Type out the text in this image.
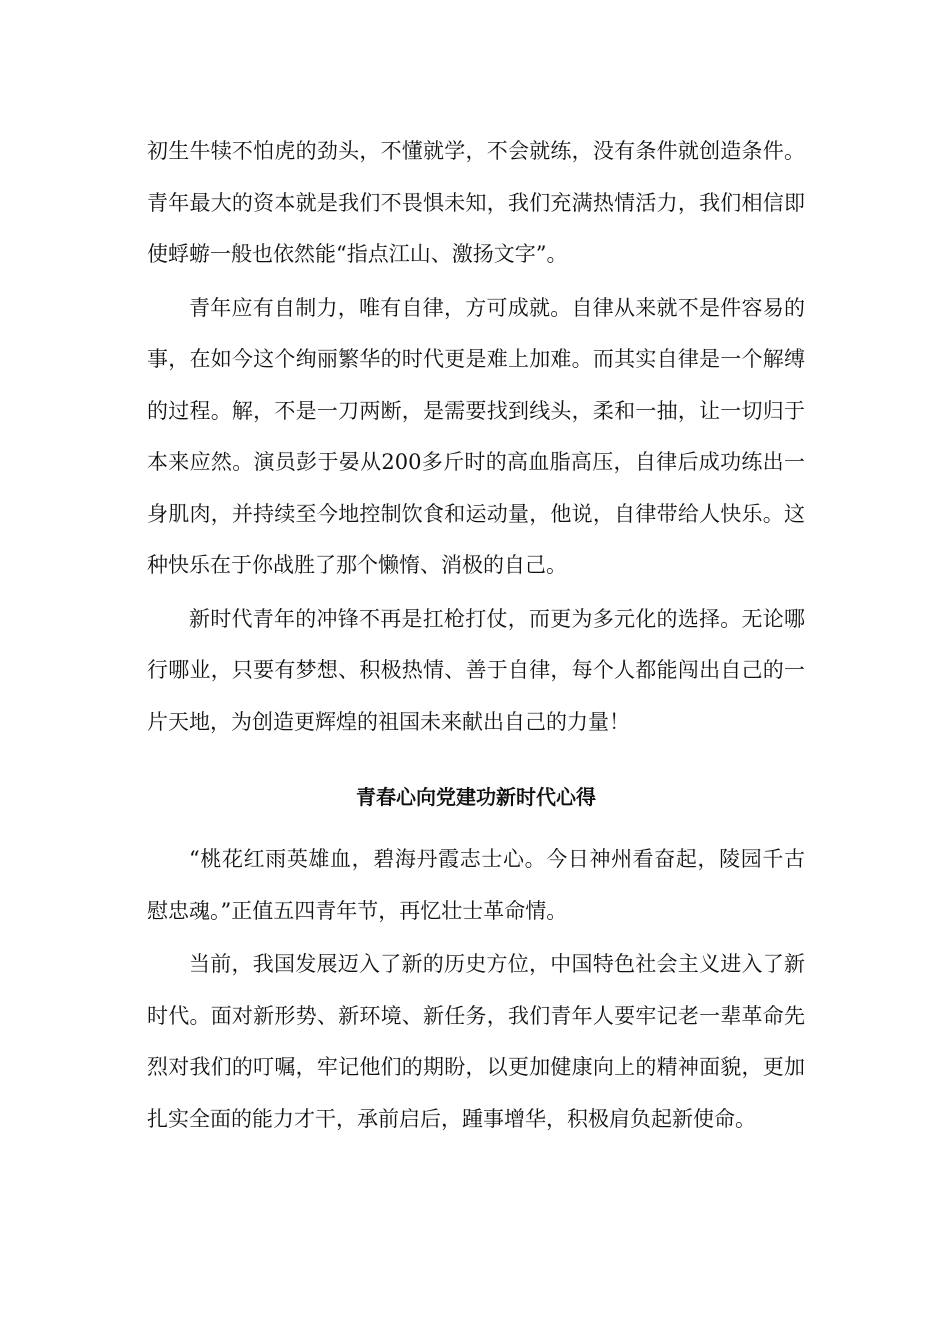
初生牛犊不怕虎的劲头，不懂就学，不会就练，没有条件就创造条件。青年最大的资本就是我们不畏惧未知，我们充满热情活力，我们相信即使蜉蝣一般也依然能“指点江山、激扬文字”。

青年应有自制力，唯有自律，方可成就。自律从来就不是件容易的事，在如今这个绚丽繁华的时代更是难上加难。而其实自律是一个解缚的过程。解，不是一刀两断，是需要找到线头，柔和一抽，让一切归于本来应然。演员彭于晏从200多斤时的高血脂高压，自律后成功练出一身肌肉，并持续至今地控制饮食和运动量，他说，自律带给人快乐。这种快乐在于你战胜了那个懒惰、消极的自己。

新时代青年的冲锋不再是扛枪打仗，而更为多元化的选择。无论哪行哪业，只要有梦想、积极热情、善于自律，每个人都能闯出自己的一片天地，为创造更辉煌的祖国未来献出自己的力量！

青春心向党建功新时代心得

“桃花红雨英雄血，碧海丹霞志士心。今日神州看奋起，陵园千古慰忠魂。”正值五四青年节，再忆壮士革命情。

当前，我国发展迈入了新的历史方位，中国特色社会主义进入了新时代。面对新形势、新环境、新任务，我们青年人要牢记老一辈革命先烈对我们的叮嘱，牢记他们的期盼，以更加健康向上的精神面貌，更加扎实全面的能力才干，承前启后，踵事增华，积极肩负起新使命。
